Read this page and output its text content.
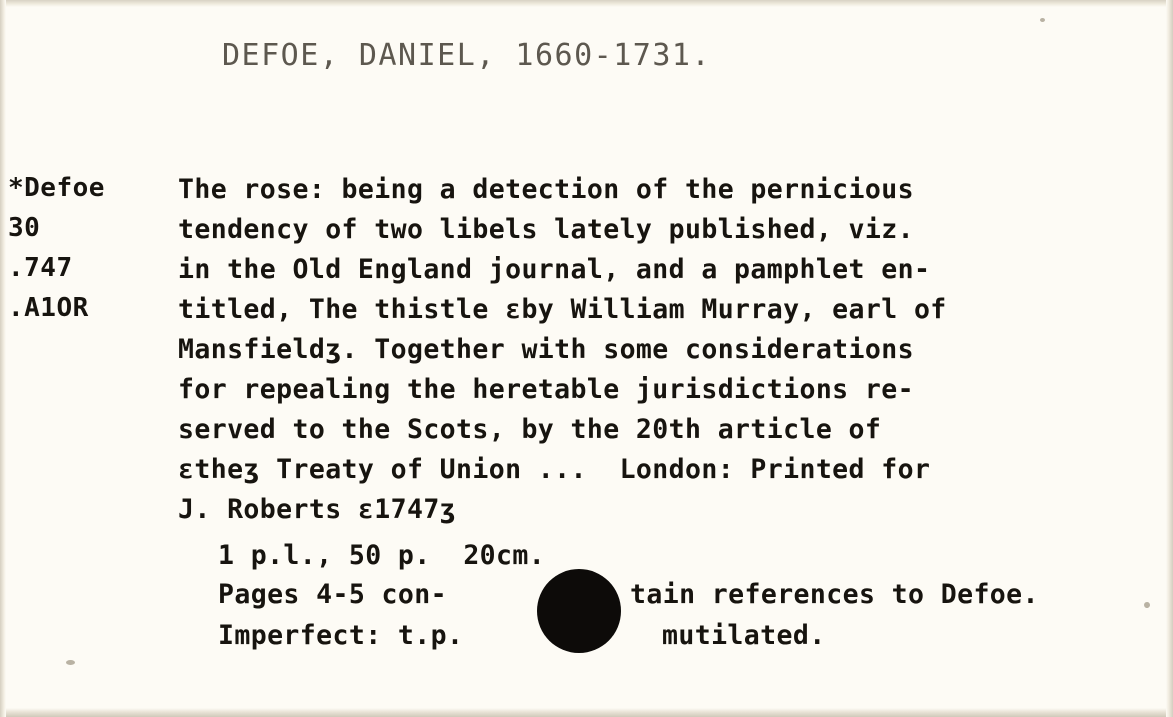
DEFOE, DANIEL, 1660-1731.
*Defoe
30
.747
.A1OR
The rose: being a detection of the pernicious
tendency of two libels lately published, viz.
in the Old England journal, and a pamphlet en-
titled, The thistle ɛby William Murray, earl of
Mansfieldʒ. Together with some considerations
for repealing the heretable jurisdictions re-
served to the Scots, by the 20th article of
ɛtheʒ Treaty of Union ...  London: Printed for
J. Roberts ɛ1747ʒ
1 p.l., 50 p.  20cm.
Pages 4-5 con-
Imperfect: t.p.
tain references to Defoe.
mutilated.
